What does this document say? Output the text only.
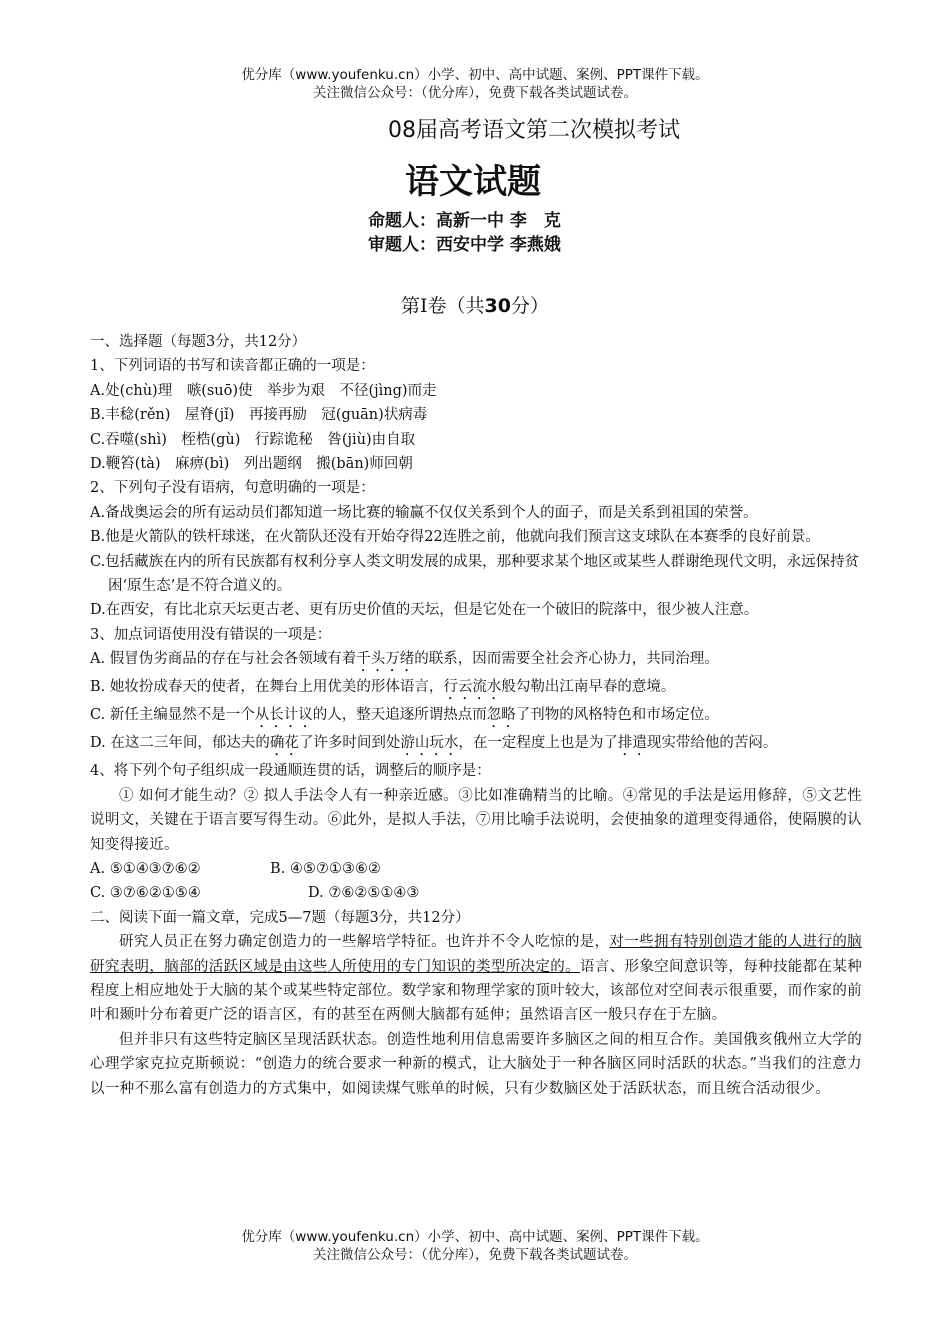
优分库（www.youfenku.cn）小学、初中、高中试题、案例、PPT课件下载。
关注微信公众号：（优分库），免费下载各类试题试卷。
08届高考语文第二次模拟考试
语文试题
命题人：高新一中 李　克
审题人：西安中学 李燕娥
第Ⅰ卷（共30分）
一、选择题（每题3分，共12分）
1、下列词语的书写和读音都正确的一项是：
A.处(chù)理　嗾(suō)使　举步为艰　不径(jìng)而走
B.丰稔(rěn)　屋脊(jǐ)　再接再励　冠(guān)状病毒
C.吞噬(shì)　桎梏(gù)　行踪诡秘　咎(jiù)由自取
D.鞭笞(tà)　麻痹(bì)　列出题纲　搬(bān)师回朝
2、下列句子没有语病，句意明确的一项是：
A.备战奥运会的所有运动员们都知道一场比赛的输赢不仅仅关系到个人的面子，而是关系到祖国的荣誉。
B.他是火箭队的铁杆球迷，在火箭队还没有开始夺得22连胜之前，他就向我们预言这支球队在本赛季的良好前景。
C.包括藏族在内的所有民族都有权利分享人类文明发展的成果，那种要求某个地区或某些人群谢绝现代文明，永远保持贫困‘原生态’是不符合道义的。
D.在西安，有比北京天坛更古老、更有历史价值的天坛，但是它处在一个破旧的院落中，很少被人注意。
3、加点词语使用没有错误的一项是：
A. 假冒伪劣商品的存在与社会各领域有着千头万绪的联系，因而需要全社会齐心协力，共同治理。
B. 她妆扮成春天的使者，在舞台上用优美的形体语言，行云流水般勾勒出江南早春的意境。
C. 新任主编显然不是一个从长计议的人，整天追逐所谓热点而忽略了刊物的风格特色和市场定位。
D. 在这二三年间，郁达夫的确花了许多时间到处游山玩水，在一定程度上也是为了排遣现实带给他的苦闷。
4、将下列个句子组织成一段通顺连贯的话，调整后的顺序是：
① 如何才能生动？② 拟人手法令人有一种亲近感。③比如准确精当的比喻。④常见的手法是运用修辞，⑤文艺性说明文，关键在于语言要写得生动。⑥此外，是拟人手法，⑦用比喻手法说明，会使抽象的道理变得通俗，使隔膜的认知变得接近。
A. ⑤①④③⑦⑥②	B. ④⑤⑦①③⑥②
C. ③⑦⑥②①⑤④	D. ⑦⑥②⑤①④③
二、阅读下面一篇文章，完成5—7题（每题3分，共12分）
研究人员正在努力确定创造力的一些解培学特征。也许并不令人吃惊的是，对一些拥有特别创造才能的人进行的脑研究表明，脑部的活跃区域是由这些人所使用的专门知识的类型所决定的。语言、形象空间意识等，每种技能都在某种程度上相应地处于大脑的某个或某些特定部位。数学家和物理学家的顶叶较大，该部位对空间表示很重要，而作家的前叶和颞叶分布着更广泛的语言区，有的甚至在两侧大脑都有延伸；虽然语言区一般只存在于左脑。
但并非只有这些特定脑区呈现活跃状态。创造性地利用信息需要许多脑区之间的相互合作。美国俄亥俄州立大学的心理学家克拉克斯顿说：“创造力的统合要求一种新的模式，让大脑处于一种各脑区同时活跃的状态。”当我们的注意力以一种不那么富有创造力的方式集中，如阅读煤气账单的时候，只有少数脑区处于活跃状态，而且统合活动很少。
优分库（www.youfenku.cn）小学、初中、高中试题、案例、PPT课件下载。
关注微信公众号：（优分库），免费下载各类试题试卷。
